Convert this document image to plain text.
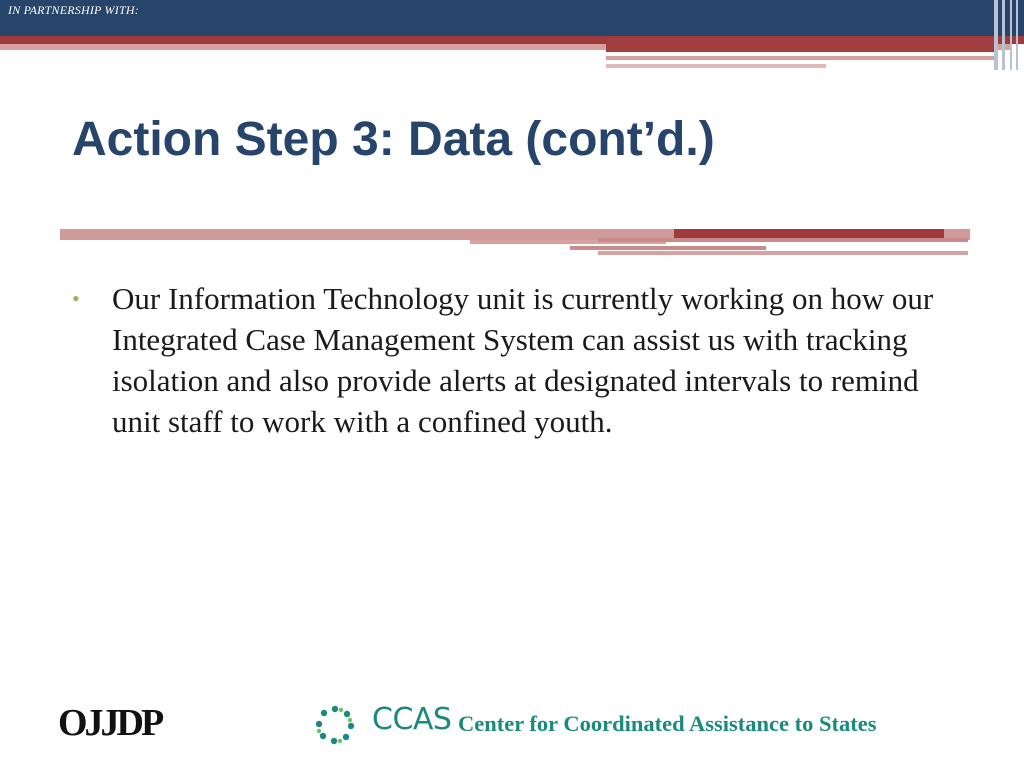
IN PARTNERSHIP WITH:
9
Action Step 3: Data (cont’d.)
• Our Information Technology unit is currently working on how our Integrated Case Management System can assist us with tracking isolation and also provide alerts at designated intervals to remind unit staff to work with a confined youth.
OJJDP	CCAS Center for Coordinated Assistance to States
